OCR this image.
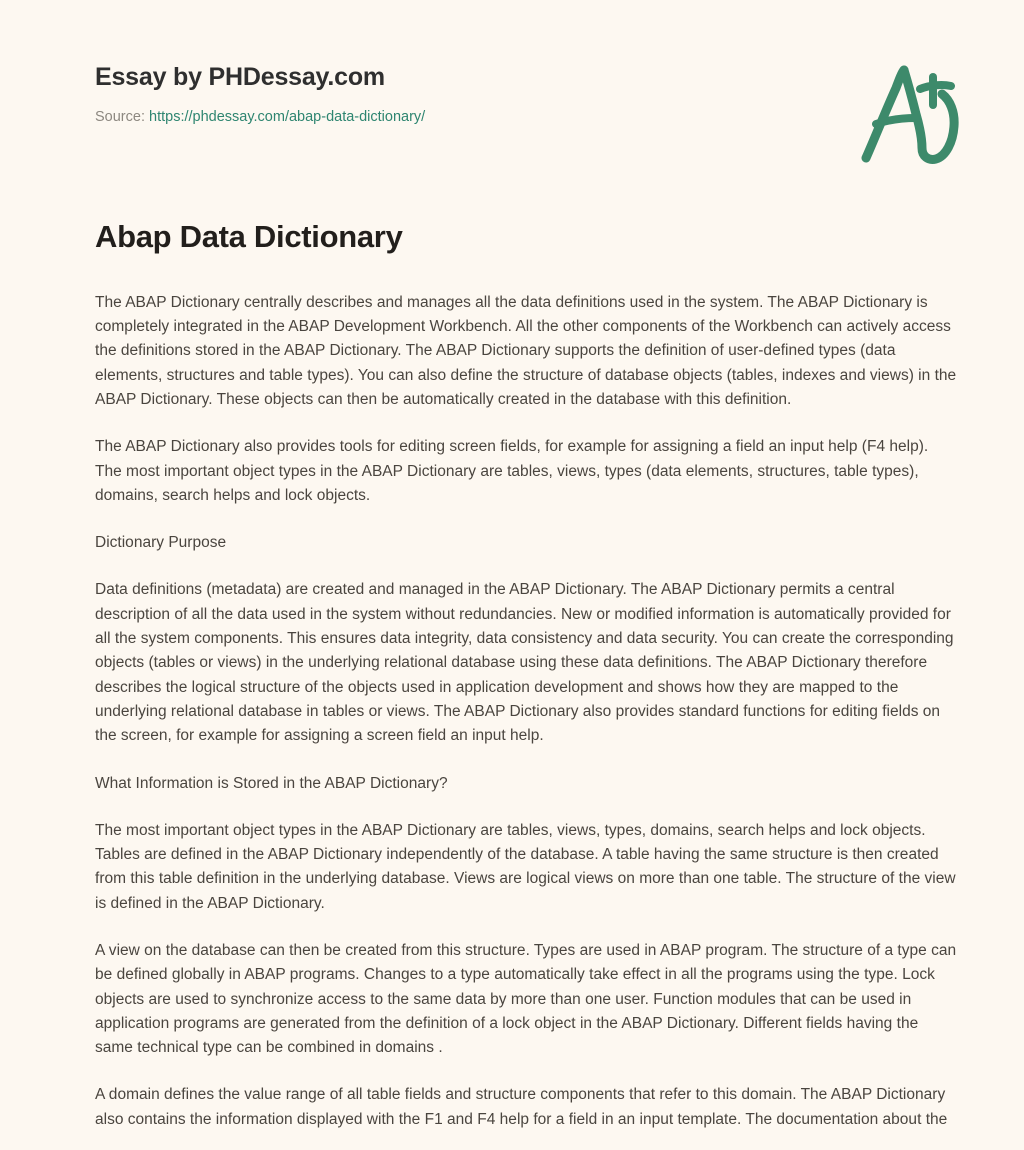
Essay by PHDessay.com
Source: https://phdessay.com/abap-data-dictionary/
Abap Data Dictionary

The ABAP Dictionary centrally describes and manages all the data definitions used in the system. The ABAP Dictionary is completely integrated in the ABAP Development Workbench. All the other components of the Workbench can actively access the definitions stored in the ABAP Dictionary. The ABAP Dictionary supports the definition of user-defined types (data elements, structures and table types). You can also define the structure of database objects (tables, indexes and views) in the ABAP Dictionary. These objects can then be automatically created in the database with this definition.

The ABAP Dictionary also provides tools for editing screen fields, for example for assigning a field an input help (F4 help). The most important object types in the ABAP Dictionary are tables, views, types (data elements, structures, table types), domains, search helps and lock objects.

Dictionary Purpose

Data definitions (metadata) are created and managed in the ABAP Dictionary. The ABAP Dictionary permits a central description of all the data used in the system without redundancies. New or modified information is automatically provided for all the system components. This ensures data integrity, data consistency and data security. You can create the corresponding objects (tables or views) in the underlying relational database using these data definitions. The ABAP Dictionary therefore describes the logical structure of the objects used in application development and shows how they are mapped to the underlying relational database in tables or views. The ABAP Dictionary also provides standard functions for editing fields on the screen, for example for assigning a screen field an input help.

What Information is Stored in the ABAP Dictionary?

The most important object types in the ABAP Dictionary are tables, views, types, domains, search helps and lock objects. Tables are defined in the ABAP Dictionary independently of the database. A table having the same structure is then created from this table definition in the underlying database. Views are logical views on more than one table. The structure of the view is defined in the ABAP Dictionary.

A view on the database can then be created from this structure. Types are used in ABAP program. The structure of a type can be defined globally in ABAP programs. Changes to a type automatically take effect in all the programs using the type. Lock objects are used to synchronize access to the same data by more than one user. Function modules that can be used in application programs are generated from the definition of a lock object in the ABAP Dictionary. Different fields having the same technical type can be combined in domains .

A domain defines the value range of all table fields and structure components that refer to this domain. The ABAP Dictionary also contains the information displayed with the F1 and F4 help for a field in an input template. The documentation about the
